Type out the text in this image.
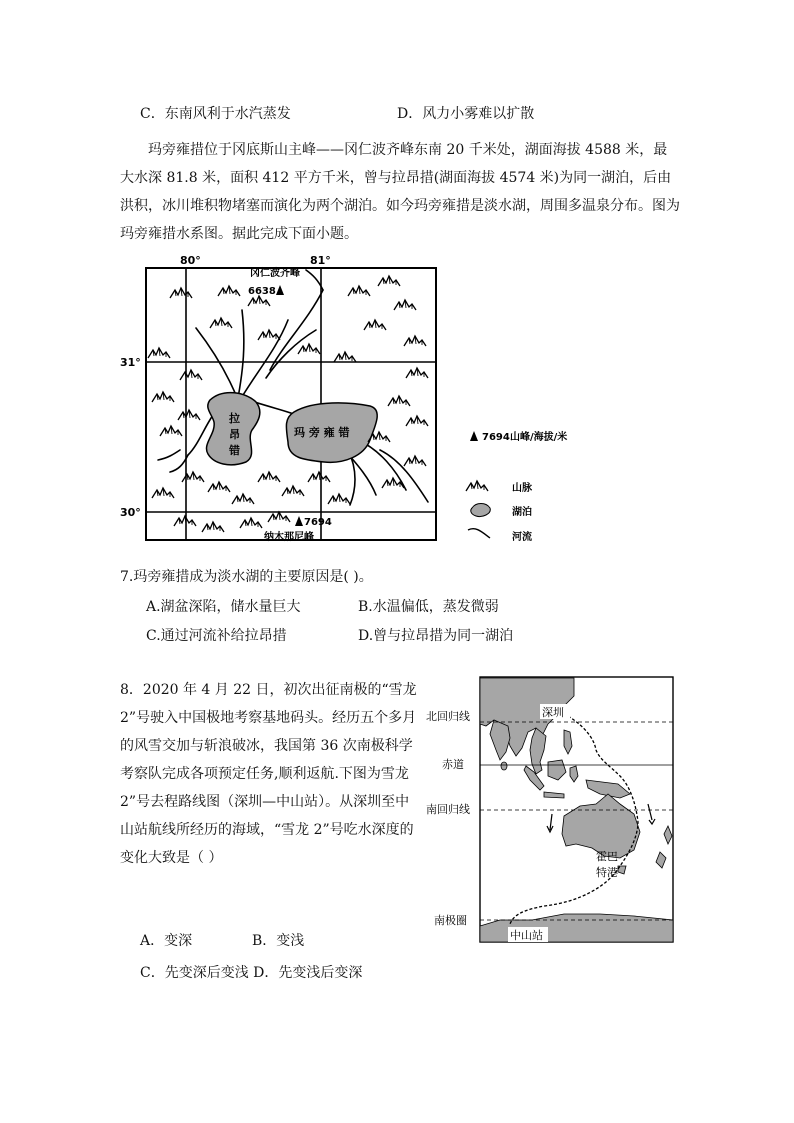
C．东南风利于水汽蒸发	D．风力小雾难以扩散
玛旁雍措位于冈底斯山主峰——冈仁波齐峰东南 20 千米处，湖面海拔 4588 米，最大水深 81.8 米，面积 412 平方千米，曾与拉昂措(湖面海拔 4574 米)为同一湖泊，后由洪积，冰川堆积物堵塞而演化为两个湖泊。如今玛旁雍措是淡水湖，周围多温泉分布。图为玛旁雍措水系图。据此完成下面小题。
80°	81°
31°
30°
拉
昂
错
玛 旁 雍 错
冈仁波齐峰
6638
7694
纳木那尼峰
7694 山峰/海拔/米
山脉
湖泊
河流
7.玛旁雍措成为淡水湖的主要原因是( )。
A.湖盆深陷，储水量巨大	B.水温偏低，蒸发微弱
C.通过河流补给拉昂措	D.曾与拉昂措为同一湖泊
8．2020 年 4 月 22 日，初次出征南极的“雪龙 2”号驶入中国极地考察基地码头。经历五个多月的风雪交加与斩浪破冰，我国第 36 次南极科学考察队完成各项预定任务,顺利返航.下图为雪龙 2”号去程路线图（深圳—中山站）。从深圳至中山站航线所经历的海域，“雪龙 2”号吃水深度的变化大致是（ ）
A．变深	B．变浅
C．先变深后变浅 D．先变浅后变深
北回归线
赤道
南回归线
南极圈
深圳
霍巴
特港
中山站
